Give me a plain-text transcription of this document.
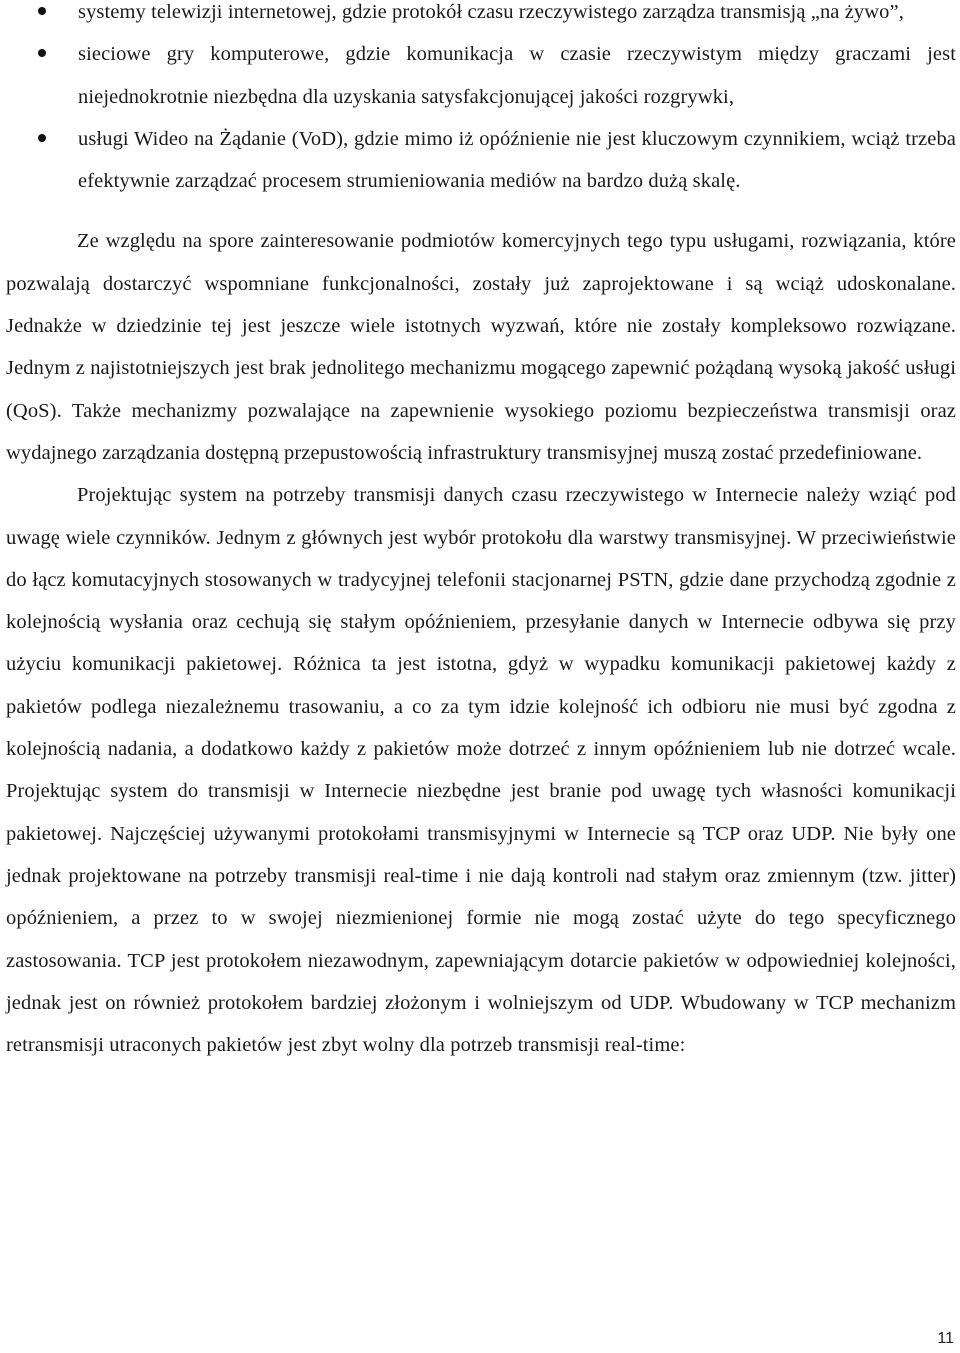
systemy telewizji internetowej, gdzie protokół czasu rzeczywistego zarządza transmisją „na żywo”,
sieciowe gry komputerowe, gdzie komunikacja w czasie rzeczywistym między graczami jest niejednokrotnie niezbędna dla uzyskania satysfakcjonującej jakości rozgrywki,
usługi Wideo na Żądanie (VoD), gdzie mimo iż opóźnienie nie jest kluczowym czynnikiem, wciąż trzeba efektywnie zarządzać procesem strumieniowania mediów na bardzo dużą skalę.

Ze względu na spore zainteresowanie podmiotów komercyjnych tego typu usługami, rozwiązania, które pozwalają dostarczyć wspomniane funkcjonalności, zostały już zaprojektowane i są wciąż udoskonalane. Jednakże w dziedzinie tej jest jeszcze wiele istotnych wyzwań, które nie zostały kompleksowo rozwiązane. Jednym z najistotniejszych jest brak jednolitego mechanizmu mogącego zapewnić pożądaną wysoką jakość usługi (QoS). Także mechanizmy pozwalające na zapewnienie wysokiego poziomu bezpieczeństwa transmisji oraz wydajnego zarządzania dostępną przepustowością infrastruktury transmisyjnej muszą zostać przedefiniowane.

Projektując system na potrzeby transmisji danych czasu rzeczywistego w Internecie należy wziąć pod uwagę wiele czynników. Jednym z głównych jest wybór protokołu dla warstwy transmisyjnej. W przeciwieństwie do łącz komutacyjnych stosowanych w tradycyjnej telefonii stacjonarnej PSTN, gdzie dane przychodzą zgodnie z kolejnością wysłania oraz cechują się stałym opóźnieniem, przesyłanie danych w Internecie odbywa się przy użyciu komunikacji pakietowej. Różnica ta jest istotna, gdyż w wypadku komunikacji pakietowej każdy z pakietów podlega niezależnemu trasowaniu, a co za tym idzie kolejność ich odbioru nie musi być zgodna z kolejnością nadania, a dodatkowo każdy z pakietów może dotrzeć z innym opóźnieniem lub nie dotrzeć wcale. Projektując system do transmisji w Internecie niezbędne jest branie pod uwagę tych własności komunikacji pakietowej. Najczęściej używanymi protokołami transmisyjnymi w Internecie są TCP oraz UDP. Nie były one jednak projektowane na potrzeby transmisji real-time i nie dają kontroli nad stałym oraz zmiennym (tzw. jitter) opóźnieniem, a przez to w swojej niezmienionej formie nie mogą zostać użyte do tego specyficznego zastosowania. TCP jest protokołem niezawodnym, zapewniającym dotarcie pakietów w odpowiedniej kolejności, jednak jest on również protokołem bardziej złożonym i wolniejszym od UDP. Wbudowany w TCP mechanizm retransmisji utraconych pakietów jest zbyt wolny dla potrzeb transmisji real-time:

11
